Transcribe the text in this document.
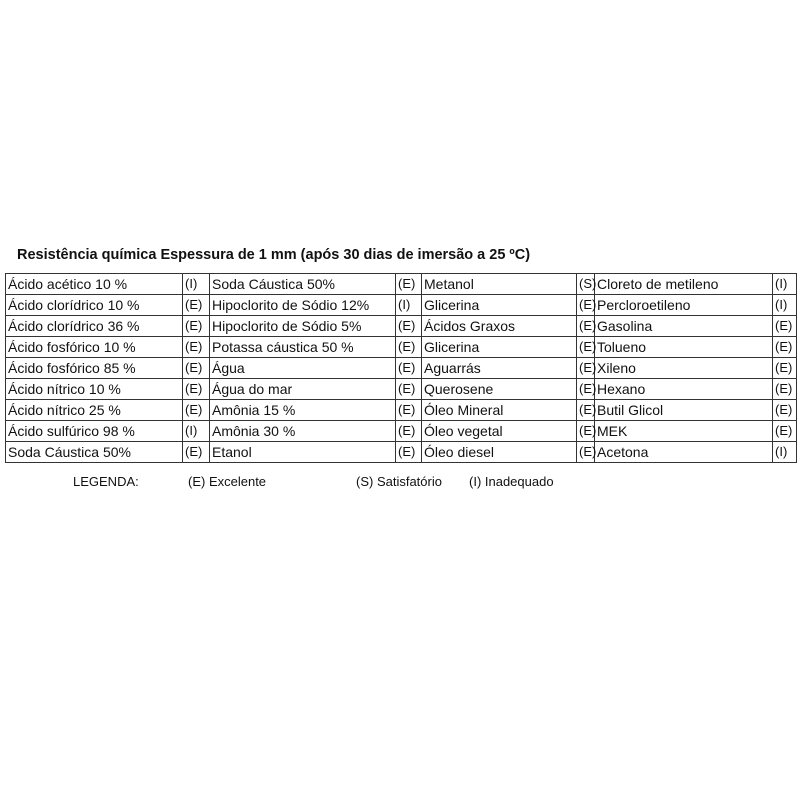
Resistência química Espessura de 1 mm (após 30 dias de imersão a 25 ºC)
Ácido acético 10 %	(I)	Soda Cáustica 50%	(E)	Metanol	(S)	Cloreto de metileno	(I)
Ácido clorídrico 10 %	(E)	Hipoclorito de Sódio 12%	(I)	Glicerina	(E)	Percloroetileno	(I)
Ácido clorídrico 36 %	(E)	Hipoclorito de Sódio 5%	(E)	Ácidos Graxos	(E)	Gasolina	(E)
Ácido fosfórico 10 %	(E)	Potassa cáustica 50 %	(E)	Glicerina	(E)	Tolueno	(E)
Ácido fosfórico 85 %	(E)	Água	(E)	Aguarrás	(E)	Xileno	(E)
Ácido nítrico 10 %	(E)	Água do mar	(E)	Querosene	(E)	Hexano	(E)
Ácido nítrico 25 %	(E)	Amônia 15 %	(E)	Óleo Mineral	(E)	Butil Glicol	(E)
Ácido sulfúrico 98 %	(I)	Amônia 30 %	(E)	Óleo vegetal	(E)	MEK	(E)
Soda Cáustica 50%	(E)	Etanol	(E)	Óleo diesel	(E)	Acetona	(I)
LEGENDA:	(E) Excelente	(S) Satisfatório (I) Inadequado
